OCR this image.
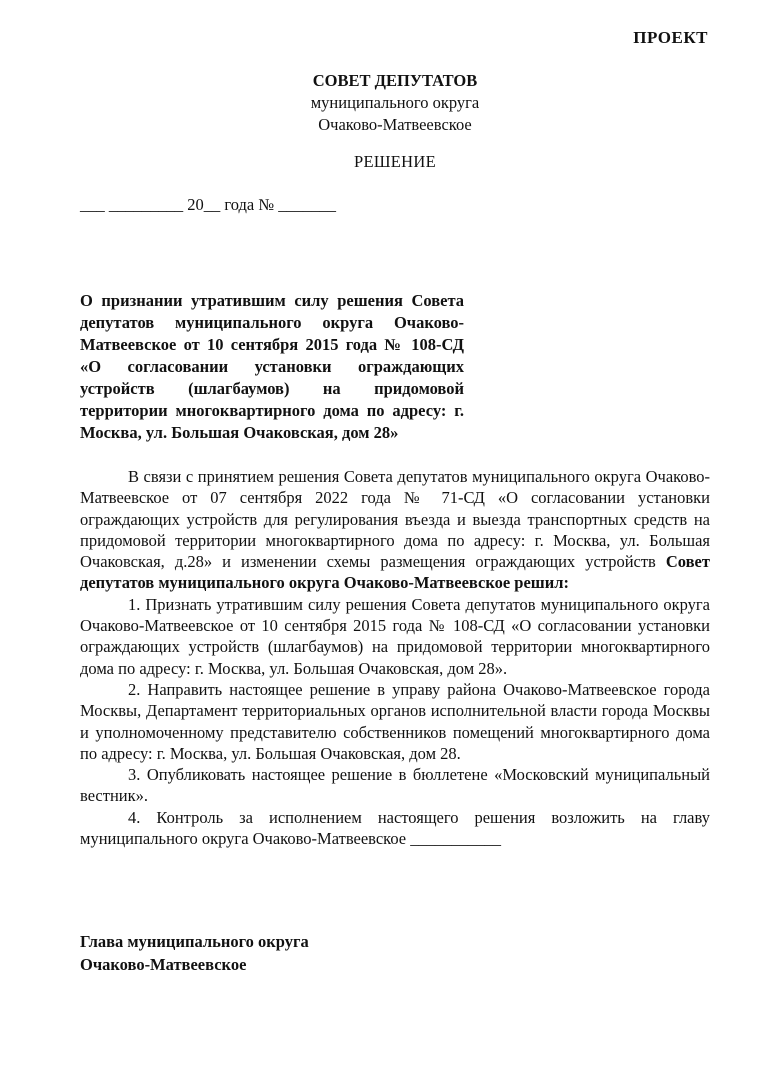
ПРОЕКТ
СОВЕТ ДЕПУТАТОВ
муниципального округа
Очаково-Матвеевское
РЕШЕНИЕ
___ _________ 20__ года № _______
О признании утратившим силу решения Совета депутатов муниципального округа Очаково-Матвеевское от 10 сентября 2015 года № 108-СД «О согласовании установки ограждающих устройств (шлагбаумов) на придомовой территории многоквартирного дома по адресу: г. Москва, ул. Большая Очаковская, дом 28»

В связи с принятием решения Совета депутатов муниципального округа Очаково-Матвеевское от 07 сентября 2022 года № 71-СД «О согласовании установки ограждающих устройств для регулирования въезда и выезда транспортных средств на придомовой территории многоквартирного дома по адресу: г. Москва, ул. Большая Очаковская, д.28» и изменении схемы размещения ограждающих устройств Совет депутатов муниципального округа Очаково-Матвеевское решил:

1. Признать утратившим силу решения Совета депутатов муниципального округа Очаково-Матвеевское от 10 сентября 2015 года № 108-СД «О согласовании установки ограждающих устройств (шлагбаумов) на придомовой территории многоквартирного дома по адресу: г. Москва, ул. Большая Очаковская, дом 28».

2. Направить настоящее решение в управу района Очаково-Матвеевское города Москвы, Департамент территориальных органов исполнительной власти города Москвы и уполномоченному представителю собственников помещений многоквартирного дома по адресу: г. Москва, ул. Большая Очаковская, дом 28.

3. Опубликовать настоящее решение в бюллетене «Московский муниципальный вестник».

4. Контроль за исполнением настоящего решения возложить на главу муниципального округа Очаково-Матвеевское ___________

Глава муниципального округа
Очаково-Матвеевское
